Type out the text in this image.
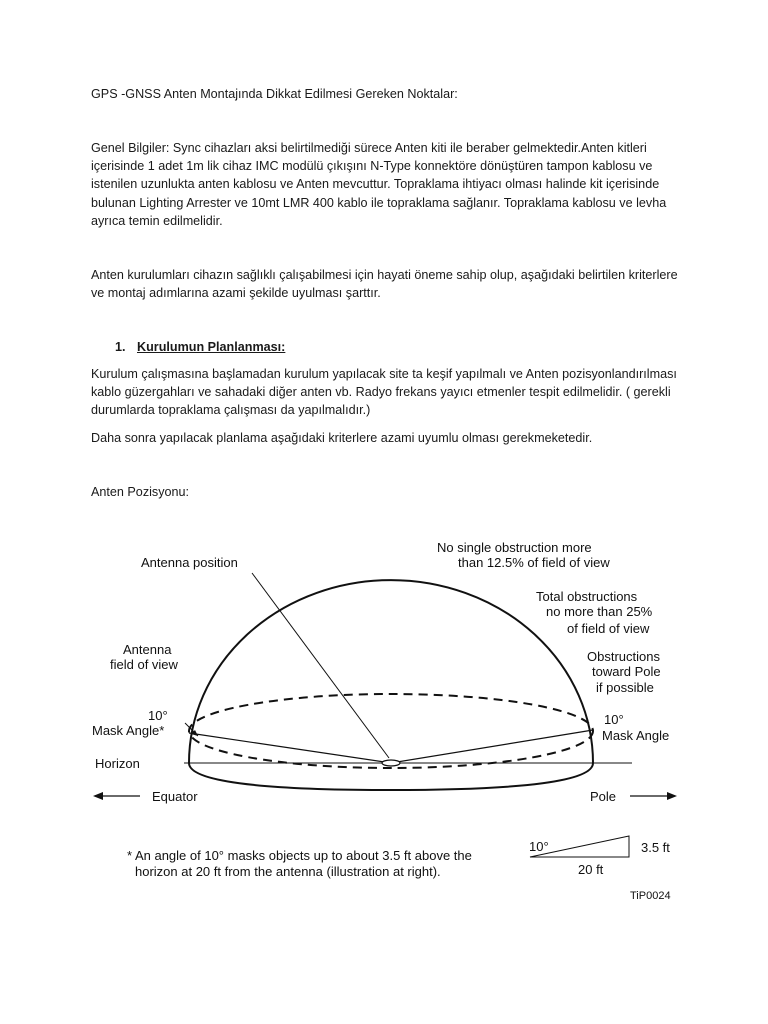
GPS -GNSS Anten Montajında Dikkat Edilmesi Gereken Noktalar:

Genel Bilgiler: Sync cihazları aksi belirtilmediği sürece Anten kiti ile beraber gelmektedir.Anten kitleri içerisinde 1 adet 1m lik cihaz IMC modülü çıkışını N-Type konnektöre dönüştüren tampon kablosu ve istenilen uzunlukta anten kablosu ve Anten mevcuttur. Topraklama ihtiyacı olması halinde kit içerisinde bulunan Lighting Arrester ve 10mt LMR 400 kablo ile topraklama sağlanır. Topraklama kablosu ve levha ayrıca temin edilmelidir.

Anten kurulumları cihazın sağlıklı çalışabilmesi için hayati öneme sahip olup, aşağıdaki belirtilen kriterlere ve montaj adımlarına azami şekilde uyulması şarttır.

1. Kurulumun Planlanması:

Kurulum çalışmasına başlamadan kurulum yapılacak site ta keşif yapılmalı ve Anten pozisyonlandırılması kablo güzergahları ve sahadaki diğer anten vb. Radyo frekans yayıcı etmenler tespit edilmelidir. ( gerekli durumlarda topraklama çalışması da yapılmalıdır.)

Daha sonra yapılacak planlama aşağıdaki kriterlere azami uyumlu olması gerekmeketedir.

Anten Pozisyonu:

Antenna position
No single obstruction more
than 12.5% of field of view
Total obstructions
no more than 25%
of field of view
Antenna
field of view
Obstructions
toward Pole
if possible
10°
Mask Angle*
10°
Mask Angle
Horizon
Equator	Pole
* An angle of 10° masks objects up to about 3.5 ft above the
horizon at 20 ft from the antenna (illustration at right).
10°	3.5 ft
20 ft
TiP0024
